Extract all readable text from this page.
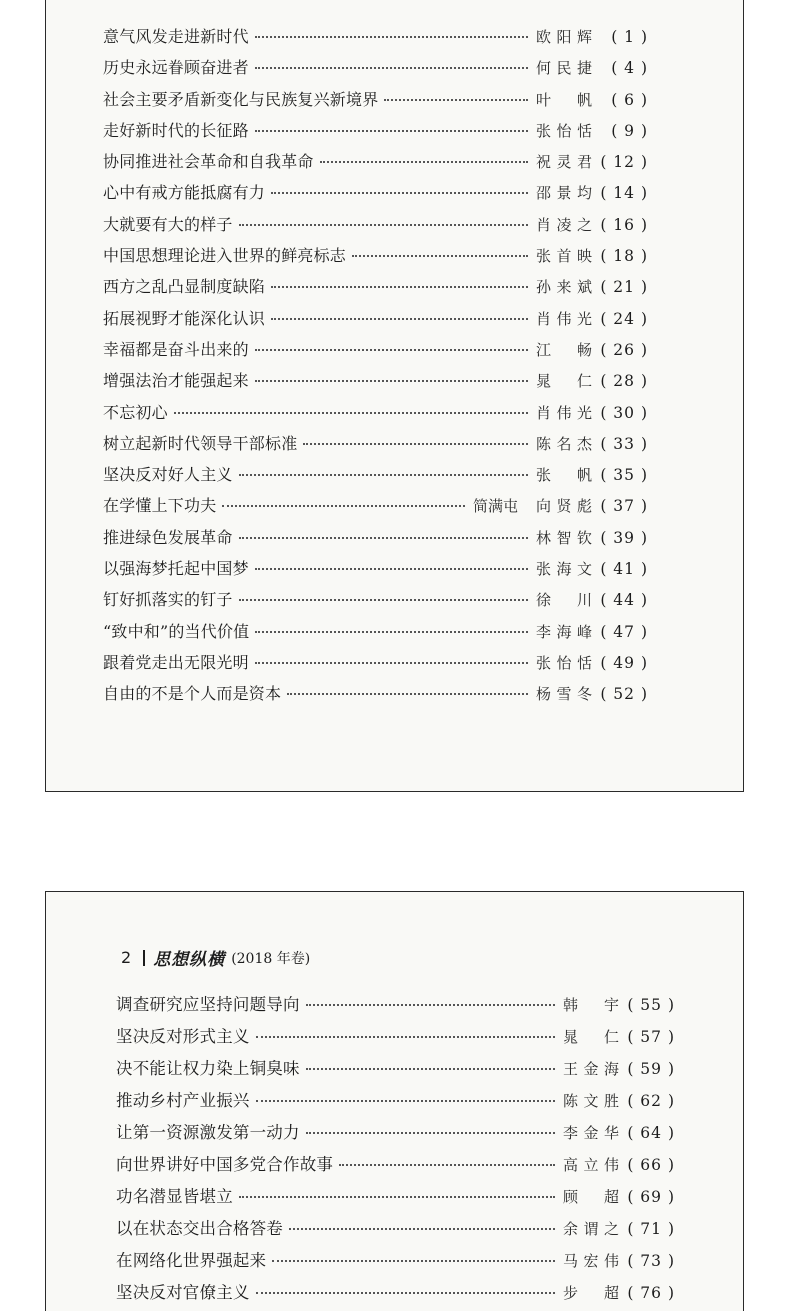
意气风发走进新时代	欧阳辉	( 1 )
历史永远眷顾奋进者	何民捷	( 4 )
社会主要矛盾新变化与民族复兴新境界	叶　帆	( 6 )
走好新时代的长征路	张怡恬	( 9 )
协同推进社会革命和自我革命	祝灵君 ( 12 )
心中有戒方能抵腐有力	邵景均 ( 14 )
大就要有大的样子	肖凌之 ( 16 )
中国思想理论进入世界的鲜亮标志	张首映 ( 18 )
西方之乱凸显制度缺陷	孙来斌 ( 21 )
拓展视野才能深化认识	肖伟光 ( 24 )
幸福都是奋斗出来的	江　畅 ( 26 )
增强法治才能强起来	晁　仁 ( 28 )
不忘初心	肖伟光 ( 30 )
树立起新时代领导干部标准	陈名杰 ( 33 )
坚决反对好人主义	张　帆 ( 35 )
在学懂上下功夫	简满屯 向贤彪 ( 37 )
推进绿色发展革命	林智钦 ( 39 )
以强海梦托起中国梦	张海文 ( 41 )
钉好抓落实的钉子	徐　川 ( 44 )
“致中和”的当代价值	李海峰 ( 47 )
跟着党走出无限光明	张怡恬 ( 49 )
自由的不是个人而是资本	杨雪冬 ( 52 )
2 思想纵横 (2018 年卷)
调查研究应坚持问题导向	韩　宇 ( 55 )
坚决反对形式主义	晁　仁 ( 57 )
决不能让权力染上铜臭味	王金海 ( 59 )
推动乡村产业振兴	陈文胜 ( 62 )
让第一资源激发第一动力	李金华 ( 64 )
向世界讲好中国多党合作故事	高立伟 ( 66 )
功名潜显皆堪立	顾　超 ( 69 )
以在状态交出合格答卷	余谓之 ( 71 )
在网络化世界强起来	马宏伟 ( 73 )
坚决反对官僚主义	步　超 ( 76 )
